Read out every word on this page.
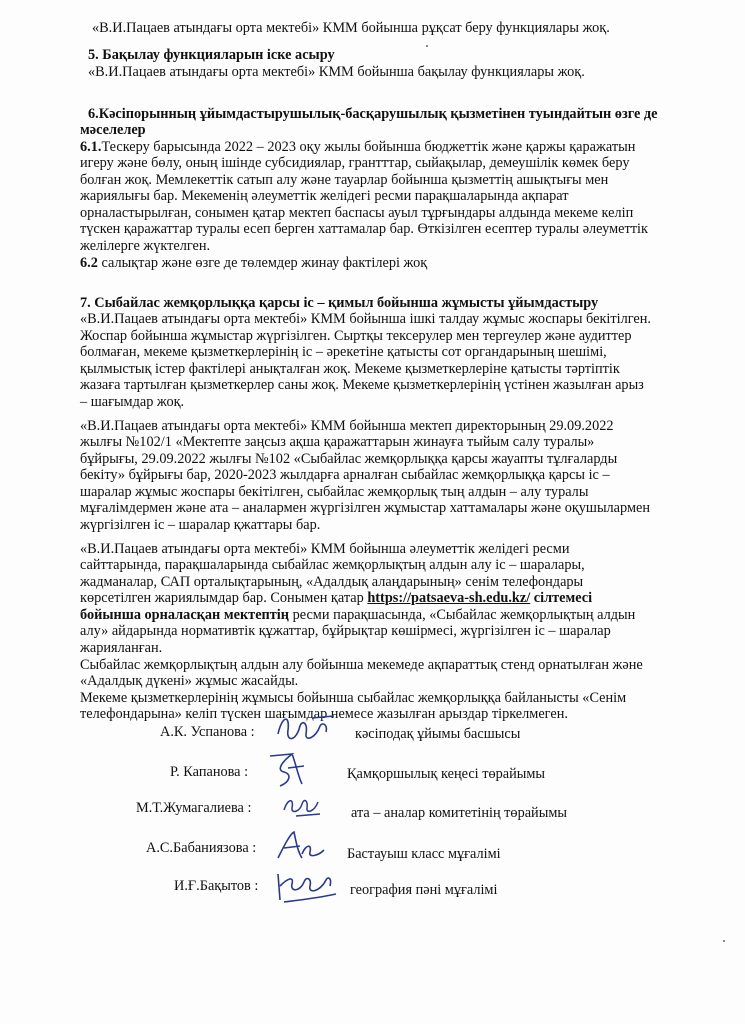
«В.И.Пацаев атындағы орта мектебі» КММ бойынша рұқсат беру функциялары жоқ.
5. Бақылау функцияларын іске асыру
«В.И.Пацаев атындағы орта мектебі» КММ бойынша бақылау функциялары жоқ.
6.Кәсіпорынның ұйымдастырушылық-басқарушылық қызметінен туындайтын өзге де
мәселелер
6.1.Тескеру барысында 2022 – 2023 оқу жылы бойынша бюджеттік және қаржы қаражатын
игеру және бөлу, оның ішінде субсидиялар, грантттар, сыйақылар, демеушілік көмек беру
болған жоқ. Мемлекеттік сатып алу және тауарлар бойынша қызметтің ашықтығы мен
жариялығы бар. Мекеменің әлеуметтік желідегі ресми парақшаларында ақпарат
орналастырылған, сонымен қатар мектеп баспасы ауыл тұрғындары алдында мекеме келіп
түскен қаражаттар туралы есеп берген хаттамалар бар. Өткізілген есептер туралы әлеуметтік
желілерге жүктелген.
6.2 салықтар және өзге де төлемдер жинау фактілері жоқ
7. Сыбайлас жемқорлыққа қарсы іс – қимыл бойынша жұмысты ұйымдастыру
«В.И.Пацаев атындағы орта мектебі» КММ бойынша ішкі талдау жұмыс жоспары бекітілген.
Жоспар бойынша жұмыстар жүргізілген. Сыртқы тексерулер мен тергеулер және аудиттер
болмаған, мекеме қызметкерлерінің іс – әрекетіне қатысты сот органдарының шешімі,
қылмыстық істер фактілері анықталған жоқ. Мекеме қызметкерлеріне қатысты тәртіптік
жазаға тартылған қызметкерлер саны жоқ. Мекеме қызметкерлерінің үстінен жазылған арыз
– шағымдар жоқ.
«В.И.Пацаев атындағы орта мектебі» КММ бойынша мектеп директорының 29.09.2022
жылғы №102/1 «Мектепте заңсыз ақша қаражаттарын жинауға тыйым салу туралы»
бұйрығы, 29.09.2022 жылғы №102 «Сыбайлас жемқорлыққа қарсы жауапты тұлғаларды
бекіту» бұйрығы бар, 2020-2023 жылдарға арналған сыбайлас жемқорлыққа қарсы іс –
шаралар жұмыс жоспары бекітілген, сыбайлас жемқорлық тың алдын – алу туралы
мұғалімдермен және ата – аналармен жүргізілген жұмыстар хаттамалары және оқушылармен
жүргізілген іс – шаралар қжаттары бар.
«В.И.Пацаев атындағы орта мектебі» КММ бойынша әлеуметтік желідегі ресми
сайттарында, парақшаларында сыбайлас жемқорлықтың алдын алу іс – шаралары,
жадманалар, САП орталықтарының, «Адалдық алаңдарының» сенім телефондары
көрсетілген жариялымдар бар. Сонымен қатар https://patsaeva-sh.edu.kz/ сілтемесі
бойынша орналасқан мектептің ресми парақшасында, «Сыбайлас жемқорлықтың алдын
алу» айдарында нормативтік құжаттар, бұйрықтар көшірмесі, жүргізілген іс – шаралар
жарияланған.
Сыбайлас жемқорлықтың алдын алу бойынша мекемеде ақпараттық стенд орнатылған және
«Адалдық дүкені» жұмыс жасайды.
Мекеме қызметкерлерінің жұмысы бойынша сыбайлас жемқорлыққа байланысты «Сенім
телефондарына» келіп түскен шағымдар немесе жазылған арыздар тіркелмеген.
А.К. Успанова :	кәсіподақ ұйымы басшысы
Р. Капанова :	Қамқоршылық кеңесі төрайымы
М.Т.Жумагалиева :	ата – аналар комитетінің төрайымы
А.С.Бабаниязова :	Бастауыш класс мұғалімі
И.Ғ.Бақытов :	география пәні мұғалімі
